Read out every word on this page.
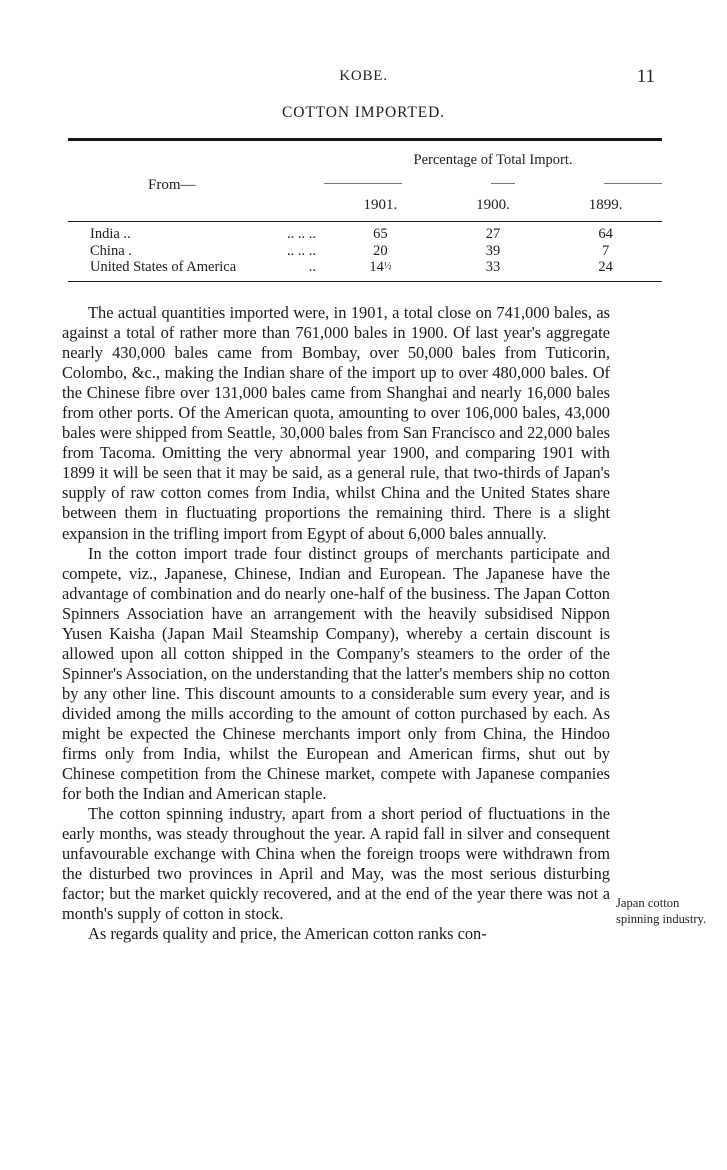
KOBE.	11
COTTON IMPORTED.
Percentage of Total Import.
From—
1901.	1900.	1899.
India ..	.. .. ..	65	27	64
China .	.. .. ..	20	39	7
United States of America	..	14½	33	24

The actual quantities imported were, in 1901, a total close on 741,000 bales, as against a total of rather more than 761,000 bales in 1900. Of last year's aggregate nearly 430,000 bales came from Bombay, over 50,000 bales from Tuticorin, Colombo, &c., making the Indian share of the import up to over 480,000 bales. Of the Chinese fibre over 131,000 bales came from Shanghai and nearly 16,000 bales from other ports. Of the American quota, amounting to over 106,000 bales, 43,000 bales were shipped from Seattle, 30,000 bales from San Francisco and 22,000 bales from Tacoma. Omitting the very abnormal year 1900, and comparing 1901 with 1899 it will be seen that it may be said, as a general rule, that two-thirds of Japan's supply of raw cotton comes from India, whilst China and the United States share between them in fluctuating proportions the remaining third. There is a slight expansion in the trifling import from Egypt of about 6,000 bales annually.

In the cotton import trade four distinct groups of merchants participate and compete, viz., Japanese, Chinese, Indian and European. The Japanese have the advantage of combination and do nearly one-half of the business. The Japan Cotton Spinners Association have an arrangement with the heavily subsidised Nippon Yusen Kaisha (Japan Mail Steamship Company), whereby a certain discount is allowed upon all cotton shipped in the Company's steamers to the order of the Spinner's Association, on the understanding that the latter's members ship no cotton by any other line. This discount amounts to a considerable sum every year, and is divided among the mills according to the amount of cotton purchased by each. As might be expected the Chinese merchants import only from China, the Hindoo firms only from India, whilst the European and American firms, shut out by Chinese competition from the Chinese market, compete with Japanese companies for both the Indian and American staple.

The cotton spinning industry, apart from a short period of fluctuations in the early months, was steady throughout the year. A rapid fall in silver and consequent unfavourable exchange with China when the foreign troops were withdrawn from the disturbed two provinces in April and May, was the most serious disturbing factor; but the market quickly recovered, and at the end of the year there was not a month's supply of cotton in stock.

As regards quality and price, the American cotton ranks con-

Japan cotton spinning industry.
